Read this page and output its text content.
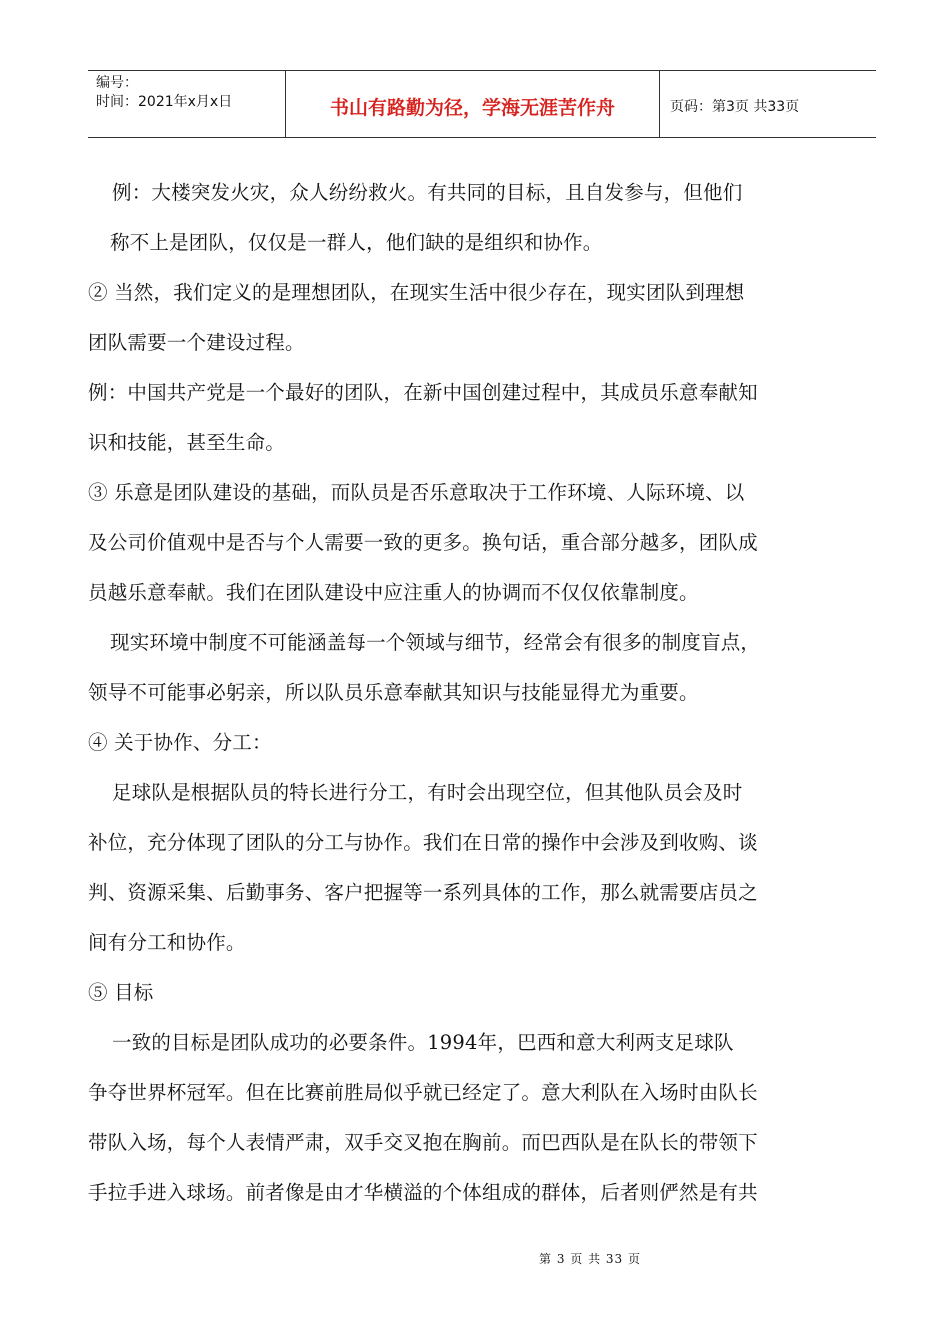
编号：
时间：2021年x月x日	书山有路勤为径，学海无涯苦作舟	页码：第3页 共33页
例：大楼突发火灾，众人纷纷救火。有共同的目标，且自发参与，但他们
称不上是团队，仅仅是一群人，他们缺的是组织和协作。
② 当然，我们定义的是理想团队，在现实生活中很少存在，现实团队到理想
团队需要一个建设过程。
例：中国共产党是一个最好的团队，在新中国创建过程中，其成员乐意奉献知
识和技能，甚至生命。
③ 乐意是团队建设的基础，而队员是否乐意取决于工作环境、人际环境、以
及公司价值观中是否与个人需要一致的更多。换句话，重合部分越多，团队成
员越乐意奉献。我们在团队建设中应注重人的协调而不仅仅依靠制度。
现实环境中制度不可能涵盖每一个领域与细节，经常会有很多的制度盲点，
领导不可能事必躬亲，所以队员乐意奉献其知识与技能显得尤为重要。
④ 关于协作、分工：
足球队是根据队员的特长进行分工，有时会出现空位，但其他队员会及时
补位，充分体现了团队的分工与协作。我们在日常的操作中会涉及到收购、谈
判、资源采集、后勤事务、客户把握等一系列具体的工作，那么就需要店员之
间有分工和协作。
⑤ 目标
一致的目标是团队成功的必要条件。1994年，巴西和意大利两支足球队
争夺世界杯冠军。但在比赛前胜局似乎就已经定了。意大利队在入场时由队长
带队入场，每个人表情严肃，双手交叉抱在胸前。而巴西队是在队长的带领下
手拉手进入球场。前者像是由才华横溢的个体组成的群体，后者则俨然是有共
第 3 页 共 33 页
